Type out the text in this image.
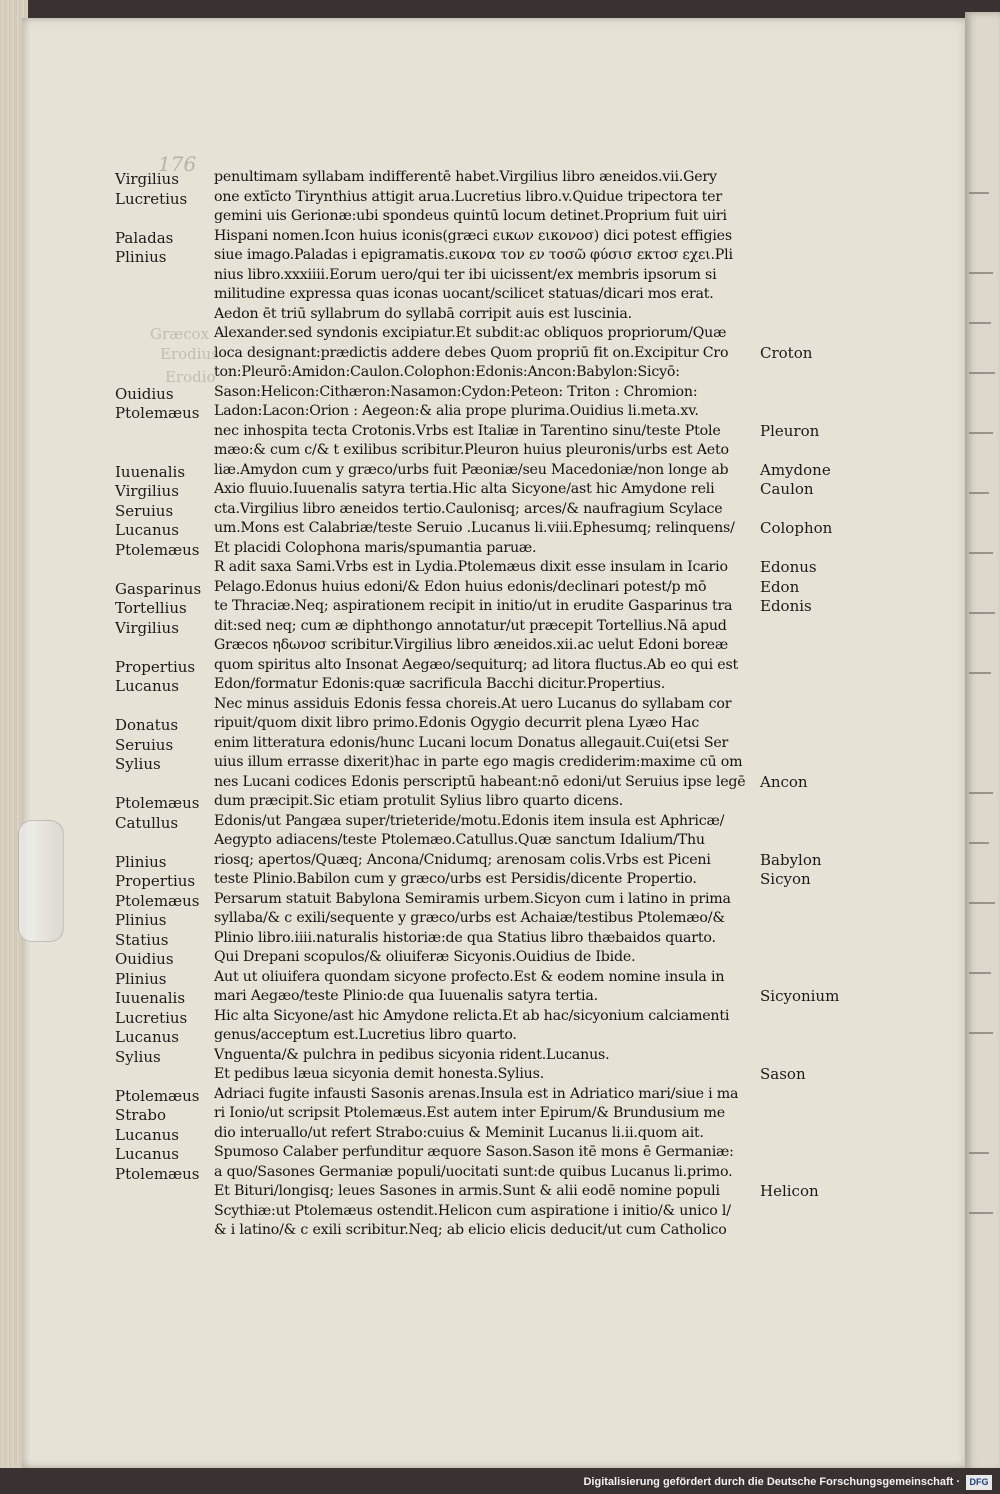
176
Græcox
Erodius
Erodio
Virgilius
Lucretius
Paladas
Plinius
Ouidius
Ptolemæus
Iuuenalis
Virgilius
Seruius
Lucanus
Ptolemæus
Gasparinus
Tortellius
Virgilius
Propertius
Lucanus
Donatus
Seruius
Sylius
Ptolemæus
Catullus
Plinius
Propertius
Ptolemæus
Plinius
Statius
Ouidius
Plinius
Iuuenalis
Lucretius
Lucanus
Sylius
Ptolemæus
Strabo
Lucanus
Lucanus
Ptolemæus
penultimam syllabam indifferentē habet.Virgilius libro æneidos.vii.Gery
one extīcto Tirynthius attigit arua.Lucretius libro.v.Quidue tripectora ter
gemini uis Gerionæ:ubi spondeus quintū locum detinet.Proprium fuit uiri
Hispani nomen.Icon huius iconis(græci εικων εικονοσ) dici potest effigies
siue imago.Paladas i epigramatis.εικονα τον εν τοσῶ φύσισ εκτοσ εχει.Pli
nius libro.xxxiiii.Eorum uero/qui ter ibi uicissent/ex membris ipsorum si
militudine expressa quas iconas uocant/scilicet statuas/dicari mos erat.
Aedon ēt triū syllabrum do syllabā corripit auis est luscinia.
Alexander.sed syndonis excipiatur.Et subdit:ac obliquos propriorum/Quæ
loca designant:prædictis addere debes Quom propriū fit on.Excipitur Cro
ton:Pleurō:Amidon:Caulon.Colophon:Edonis:Ancon:Babylon:Sicyō:
Sason:Helicon:Cithæron:Nasamon:Cydon:Peteon: Triton : Chromion:
Ladon:Lacon:Orion : Aegeon:& alia prope plurima.Ouidius li.meta.xv.
nec inhospita tecta Crotonis.Vrbs est Italiæ in Tarentino sinu/teste Ptole
mæo:& cum c/& t exilibus scribitur.Pleuron huius pleuronis/urbs est Aeto
liæ.Amydon cum y græco/urbs fuit Pæoniæ/seu Macedoniæ/non longe ab
Axio fluuio.Iuuenalis satyra tertia.Hic alta Sicyone/ast hic Amydone reli
cta.Virgilius libro æneidos tertio.Caulonisq; arces/& naufragium Scylace
um.Mons est Calabriæ/teste Seruio .Lucanus li.viii.Ephesumq; relinquens/
Et placidi Colophona maris/spumantia paruæ.
R adit saxa Sami.Vrbs est in Lydia.Ptolemæus dixit esse insulam in Icario
Pelago.Edonus huius edoni/& Edon huius edonis/declinari potest/p mō
te Thraciæ.Neq; aspirationem recipit in initio/ut in erudite Gasparinus tra
dit:sed neq; cum æ diphthongo annotatur/ut præcepit Tortellius.Nā apud
Græcos ηδωνοσ scribitur.Virgilius libro æneidos.xii.ac uelut Edoni boreæ
quom spiritus alto Insonat Aegæo/sequiturq; ad litora fluctus.Ab eo qui est
Edon/formatur Edonis:quæ sacrificula Bacchi dicitur.Propertius.
Nec minus assiduis Edonis fessa choreis.At uero Lucanus do syllabam cor
ripuit/quom dixit libro primo.Edonis Ogygio decurrit plena Lyæo Hac
enim litteratura edonis/hunc Lucani locum Donatus allegauit.Cui(etsi Ser
uius illum errasse dixerit)hac in parte ego magis crediderim:maxime cū om
nes Lucani codices Edonis perscriptū habeant:nō edoni/ut Seruius ipse legē
dum præcipit.Sic etiam protulit Sylius libro quarto dicens.
Edonis/ut Pangæa super/trieteride/motu.Edonis item insula est Aphricæ/
Aegypto adiacens/teste Ptolemæo.Catullus.Quæ sanctum Idalium/Thu
riosq; apertos/Quæq; Ancona/Cnidumq; arenosam colis.Vrbs est Piceni
teste Plinio.Babilon cum y græco/urbs est Persidis/dicente Propertio.
Persarum statuit Babylona Semiramis urbem.Sicyon cum i latino in prima
syllaba/& c exili/sequente y græco/urbs est Achaiæ/testibus Ptolemæo/&
Plinio libro.iiii.naturalis historiæ:de qua Statius libro thæbaidos quarto.
Qui Drepani scopulos/& oliuiferæ Sicyonis.Ouidius de Ibide.
Aut ut oliuifera quondam sicyone profecto.Est & eodem nomine insula in
mari Aegæo/teste Plinio:de qua Iuuenalis satyra tertia.
Hic alta Sicyone/ast hic Amydone relicta.Et ab hac/sicyonium calciamenti
genus/acceptum est.Lucretius libro quarto.
Vnguenta/& pulchra in pedibus sicyonia rident.Lucanus.
Et pedibus læua sicyonia demit honesta.Sylius.
Adriaci fugite infausti Sasonis arenas.Insula est in Adriatico mari/siue i ma
ri Ionio/ut scripsit Ptolemæus.Est autem inter Epirum/& Brundusium me
dio interuallo/ut refert Strabo:cuius & Meminit Lucanus li.ii.quom ait.
Spumoso Calaber perfunditur æquore Sason.Sason itē mons ē Germaniæ:
a quo/Sasones Germaniæ populi/uocitati sunt:de quibus Lucanus li.primo.
Et Bituri/longisq; leues Sasones in armis.Sunt & alii eodē nomine populi
Scythiæ:ut Ptolemæus ostendit.Helicon cum aspiratione i initio/& unico l/
& i latino/& c exili scribitur.Neq; ab elicio elicis deducit/ut cum Catholico
Croton
Pleuron
Amydone
Caulon
Colophon
Edonus
Edon
Edonis
Ancon
Babylon
Sicyon
Sicyonium
Sason
Helicon
Digitalisierung gefördert durch die Deutsche Forschungsgemeinschaft ·	DFG
